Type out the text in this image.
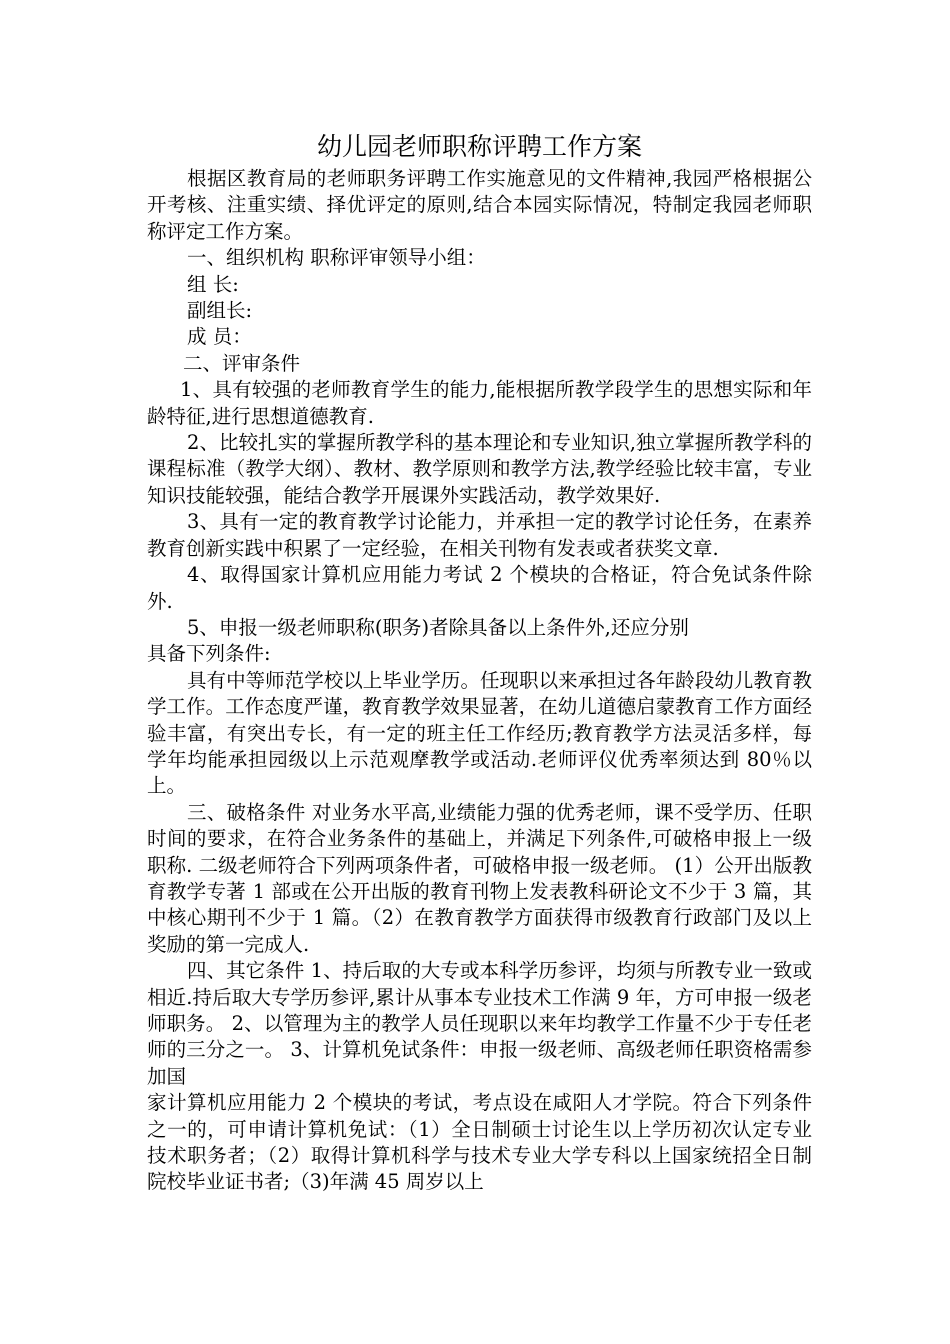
幼儿园老师职称评聘工作方案

根据区教育局的老师职务评聘工作实施意见的文件精神,我园严格根据公开考核、注重实绩、择优评定的原则,结合本园实际情况，特制定我园老师职称评定工作方案。

一、组织机构 职称评审领导小组：

组 长:

副组长:

成 员：

二、评审条件

1、具有较强的老师教育学生的能力,能根据所教学段学生的思想实际和年龄特征,进行思想道德教育.

2、比较扎实的掌握所教学科的基本理论和专业知识,独立掌握所教学科的课程标准（教学大纲）、教材、教学原则和教学方法,教学经验比较丰富，专业知识技能较强，能结合教学开展课外实践活动，教学效果好.

3、具有一定的教育教学讨论能力，并承担一定的教学讨论任务，在素养教育创新实践中积累了一定经验，在相关刊物有发表或者获奖文章.

4、取得国家计算机应用能力考试 2 个模块的合格证，符合免试条件除外.

5、申报一级老师职称(职务)者除具备以上条件外,还应分别

具备下列条件:

具有中等师范学校以上毕业学历。任现职以来承担过各年龄段幼儿教育教学工作。工作态度严谨，教育教学效果显著，在幼儿道德启蒙教育工作方面经验丰富，有突出专长，有一定的班主任工作经历;教育教学方法灵活多样，每学年均能承担园级以上示范观摩教学或活动.老师评仪优秀率须达到 80％以上。

三、破格条件 对业务水平高,业绩能力强的优秀老师，课不受学历、任职时间的要求，在符合业务条件的基础上，并满足下列条件,可破格申报上一级职称. 二级老师符合下列两项条件者，可破格申报一级老师。 (1）公开出版教育教学专著 1 部或在公开出版的教育刊物上发表教科研论文不少于 3 篇，其中核心期刊不少于 1 篇。（2）在教育教学方面获得市级教育行政部门及以上奖励的第一完成人.

四、其它条件 1、持后取的大专或本科学历参评，均须与所教专业一致或相近.持后取大专学历参评,累计从事本专业技术工作满 9 年，方可申报一级老师职务。 2、以管理为主的教学人员任现职以来年均教学工作量不少于专任老师的三分之一。 3、计算机免试条件：申报一级老师、高级老师任职资格需参加国

家计算机应用能力 2 个模块的考试，考点设在咸阳人才学院。符合下列条件之一的，可申请计算机免试：（1）全日制硕士讨论生以上学历初次认定专业技术职务者；（2）取得计算机科学与技术专业大学专科以上国家统招全日制院校毕业证书者;（3)年满 45 周岁以上
